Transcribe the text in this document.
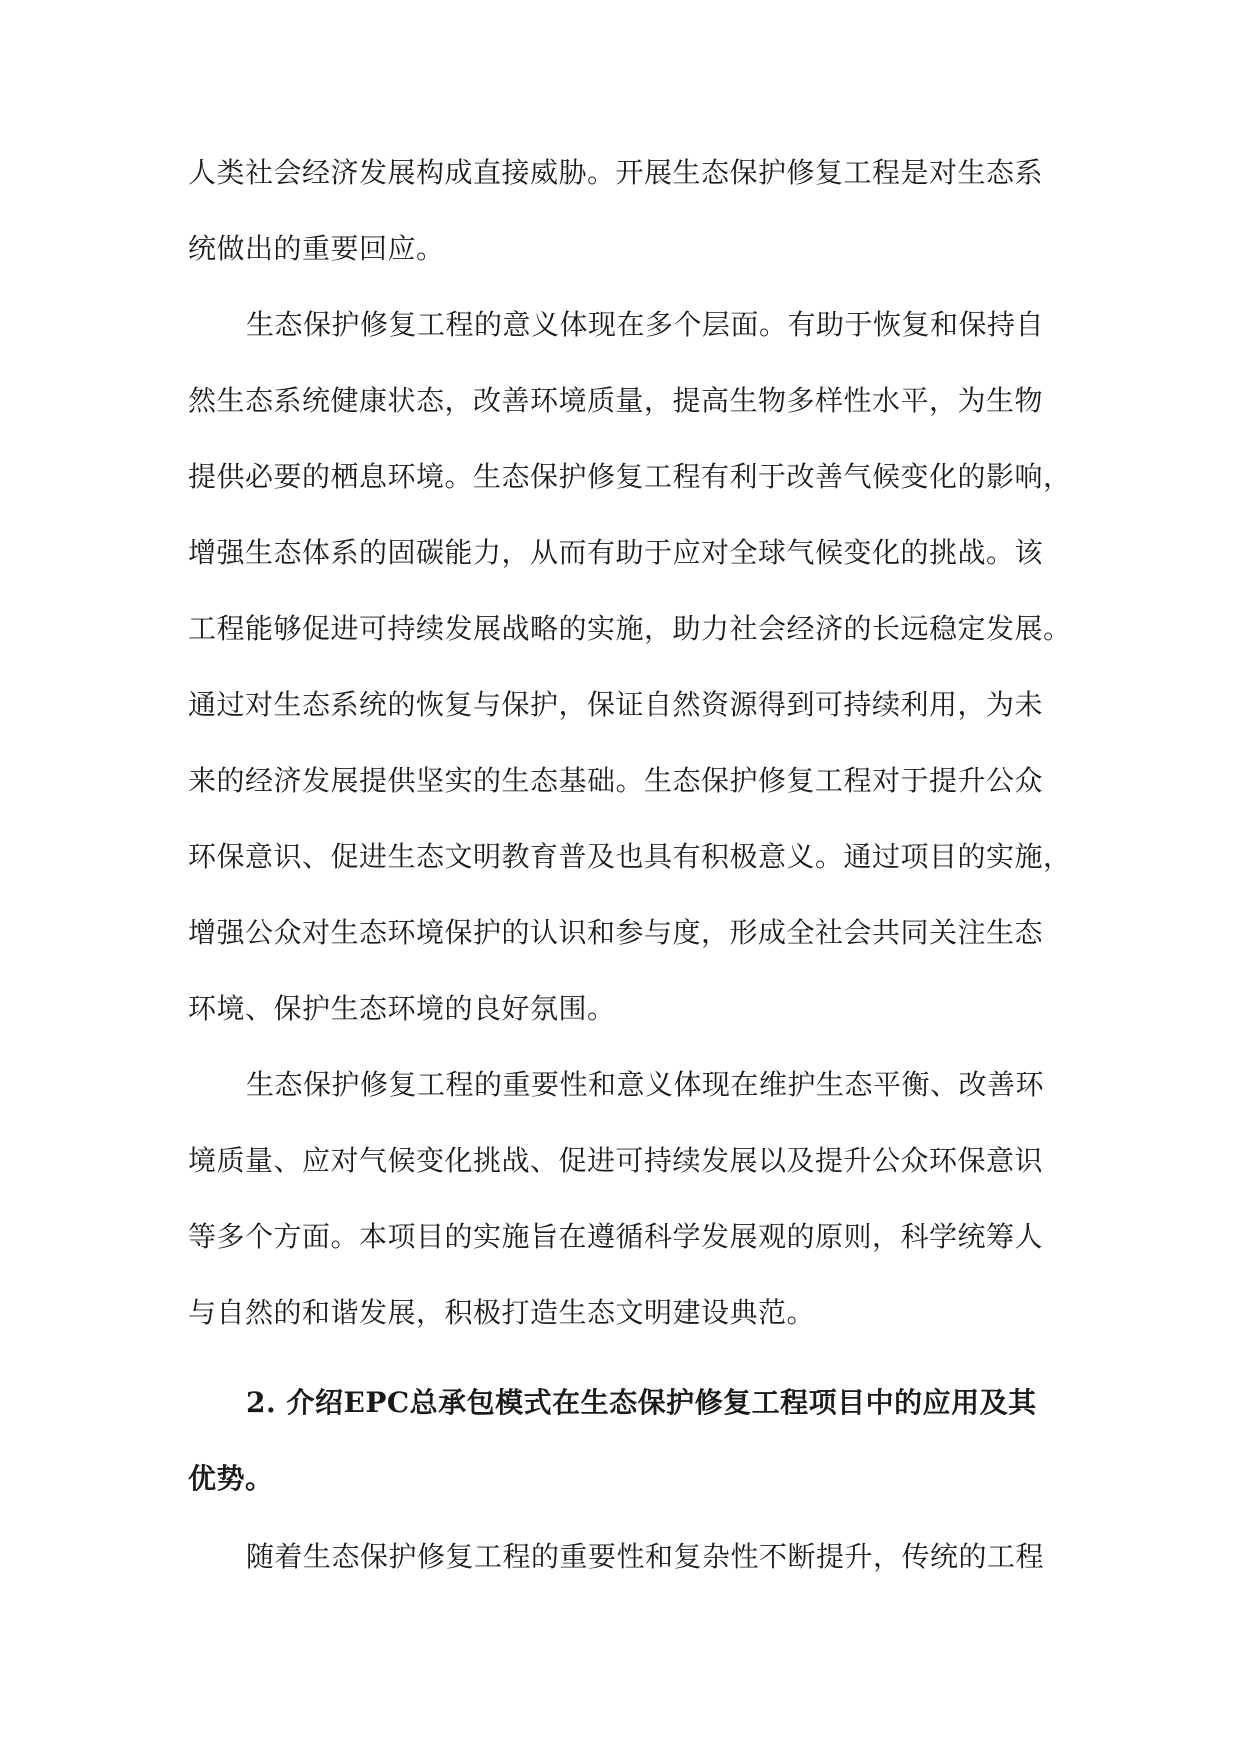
人类社会经济发展构成直接威胁。开展生态保护修复工程是对生态系
统做出的重要回应。
生态保护修复工程的意义体现在多个层面。有助于恢复和保持自
然生态系统健康状态，改善环境质量，提高生物多样性水平，为生物
提供必要的栖息环境。生态保护修复工程有利于改善气候变化的影响，
增强生态体系的固碳能力，从而有助于应对全球气候变化的挑战。该
工程能够促进可持续发展战略的实施，助力社会经济的长远稳定发展。
通过对生态系统的恢复与保护，保证自然资源得到可持续利用，为未
来的经济发展提供坚实的生态基础。生态保护修复工程对于提升公众
环保意识、促进生态文明教育普及也具有积极意义。通过项目的实施，
增强公众对生态环境保护的认识和参与度，形成全社会共同关注生态
环境、保护生态环境的良好氛围。
生态保护修复工程的重要性和意义体现在维护生态平衡、改善环
境质量、应对气候变化挑战、促进可持续发展以及提升公众环保意识
等多个方面。本项目的实施旨在遵循科学发展观的原则，科学统筹人
与自然的和谐发展，积极打造生态文明建设典范。
2. 介绍EPC总承包模式在生态保护修复工程项目中的应用及其
优势。
随着生态保护修复工程的重要性和复杂性不断提升，传统的工程
